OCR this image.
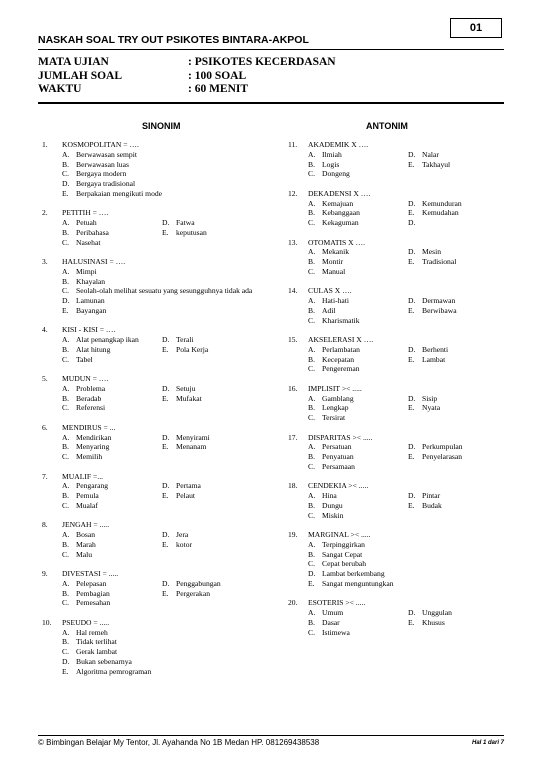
01
NASKAH SOAL TRY OUT PSIKOTES BINTARA-AKPOL
MATA UJIAN	: PSIKOTES KECERDASAN
JUMLAH SOAL	: 100 SOAL
WAKTU	: 60 MENIT
SINONIM	ANTONIM
1.	KOSMOPOLITAN = ….
A. Berwawasan sempit
B. Berwawasan luas
C. Bergaya modern
D. Bergaya tradisional
E. Berpakaian mengikuti mode
2.	PETITIH = ….
A. Petuah	D. Fatwa
B. Peribahasa	E. keputusan
C. Nasehat
3.	HALUSINASI = ….
A. Mimpi
B. Khayalan
C. Seolah-olah melihat sesuatu yang sesungguhnya tidak ada
D. Lamunan
E. Bayangan
4.	KISI - KISI = ….
A. Alat penangkap ikan	D. Terali
B. Alat hitung	E. Pola Kerja
C. Tabel
5.	MUDUN = ….
A. Problema	D. Setuju
B. Beradab	E. Mufakat
C. Referensi
6.	MENDIRUS = ...
A. Mendirikan	D. Menyirami
B. Menyaring	E. Menanam
C. Memilih
7.	MUALIF =...
A. Pengarang	D. Pertama
B. Pemula	E. Pelaut
C. Mualaf
8.	JENGAH = .....
A. Bosan	D. Jera
B. Marah	E. kotor
C. Malu
9.	DIVESTASI = .....
A. Pelepasan	D. Penggabungan
B. Pembagian	E. Pergerakan
C. Pemesahan
10.	PSEUDO = .....
A. Hal remeh
B. Tidak terlihat
C. Gerak lambat
D. Bukan sebenarnya
E. Algoritma pemrograman
11.	AKADEMIK X ….
A. Ilmiah	D. Nalar
B. Logis	E. Takhayul
C. Dongeng
12.	DEKADENSI X ….
A. Kemajuan	D. Kemunduran
B. Kebanggaan	E. Kemudahan
C. Kekaguman	D.
13.	OTOMATIS X ….
A. Mekanik	D. Mesin
B. Montir	E. Tradisional
C. Manual
14.	CULAS X ….
A. Hati-hati	D. Dermawan
B. Adil	E. Berwibawa
C. Kharismatik
15.	AKSELERASI X ….
A. Perlambatan	D. Berhenti
B. Kecepatan	E. Lambat
C. Pengereman
16.	IMPLISIT >< .....
A. Gamblang	D. Sisip
B. Lengkap	E. Nyata
C. Tersirat
17.	DISPARITAS >< .....
A. Persatuan	D. Perkumpulan
B. Penyatuan	E. Penyelarasan
C. Persamaan
18.	CENDEKIA >< .....
A. Hina	D. Pintar
B. Dungu	E. Budak
C. Miskin
19.	MARGINAL >< .....
A. Terpinggirkan
B. Sangat Cepat
C. Cepat berubah
D. Lambat berkembang
E. Sangat menguntungkan
20.	ESOTERIS >< .....
A. Umum	D. Unggulan
B. Dasar	E. Khusus
C. Istimewa
© Bimbingan Belajar My Tentor, Jl. Ayahanda No 1B Medan HP. 081269438538	Hal 1 dari 7
